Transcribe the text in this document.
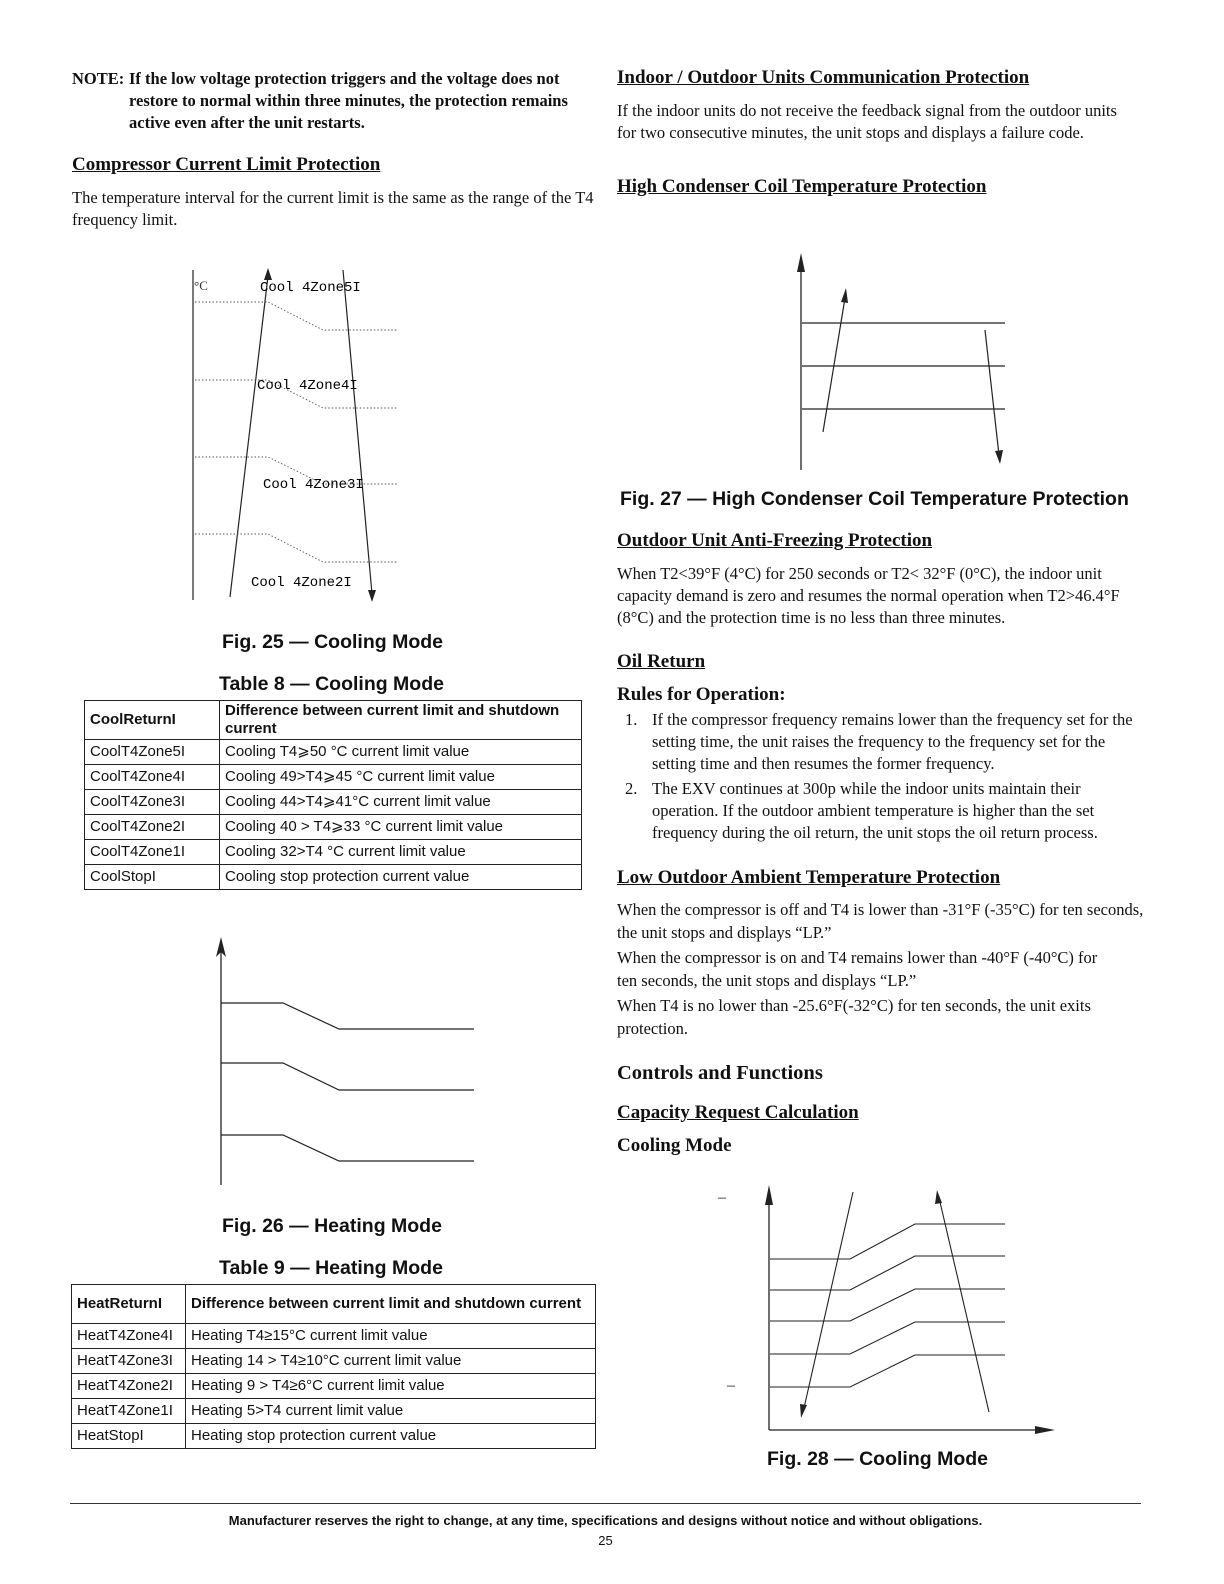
NOTE: If the low voltage protection triggers and the voltage does not restore to normal within three minutes, the protection remains active even after the unit restarts.
Compressor Current Limit Protection
The temperature interval for the current limit is the same as the range of the T4 frequency limit.
°C	Cool 4Zone5I
Cool 4Zone4I
Cool 4Zone3I
Cool 4Zone2I
Fig. 25 — Cooling Mode
Table 8 — Cooling Mode
CoolReturnI	Difference between current limit and shutdown current
CoolT4Zone5I	Cooling T4⩾50 °C current limit value
CoolT4Zone4I	Cooling 49>T4⩾45 °C current limit value
CoolT4Zone3I	Cooling 44>T4⩾41°C current limit value
CoolT4Zone2I	Cooling 40 > T4⩾33 °C current limit value
CoolT4Zone1I	Cooling 32>T4 °C current limit value
CoolStopI	Cooling stop protection current value
Fig. 26 — Heating Mode
Table 9 — Heating Mode
HeatReturnI	Difference between current limit and shutdown current
HeatT4Zone4I	Heating T4≥15°C current limit value
HeatT4Zone3I	Heating 14 > T4≥10°C current limit value
HeatT4Zone2I	Heating 9 > T4≥6°C current limit value
HeatT4Zone1I	Heating 5>T4 current limit value
HeatStopI	Heating stop protection current value
Indoor / Outdoor Units Communication Protection
If the indoor units do not receive the feedback signal from the outdoor units for two consecutive minutes, the unit stops and displays a failure code.
High Condenser Coil Temperature Protection
Fig. 27 — High Condenser Coil Temperature Protection
Outdoor Unit Anti-Freezing Protection
When T2<39°F (4°C) for 250 seconds or T2< 32°F (0°C), the indoor unit capacity demand is zero and resumes the normal operation when T2>46.4°F (8°C) and the protection time is no less than three minutes.
Oil Return
Rules for Operation:
1. If the compressor frequency remains lower than the frequency set for the setting time, the unit raises the frequency to the frequency set for the setting time and then resumes the former frequency.
2. The EXV continues at 300p while the indoor units maintain their operation. If the outdoor ambient temperature is higher than the set frequency during the oil return, the unit stops the oil return process.
Low Outdoor Ambient Temperature Protection
When the compressor is off and T4 is lower than -31°F (-35°C) for ten seconds, the unit stops and displays “LP.”
When the compressor is on and T4 remains lower than -40°F (-40°C) for ten seconds, the unit stops and displays “LP.”
When T4 is no lower than -25.6°F(-32°C) for ten seconds, the unit exits protection.
Controls and Functions
Capacity Request Calculation
Cooling Mode
–
–
Fig. 28 — Cooling Mode
Manufacturer reserves the right to change, at any time, specifications and designs without notice and without obligations.
25
